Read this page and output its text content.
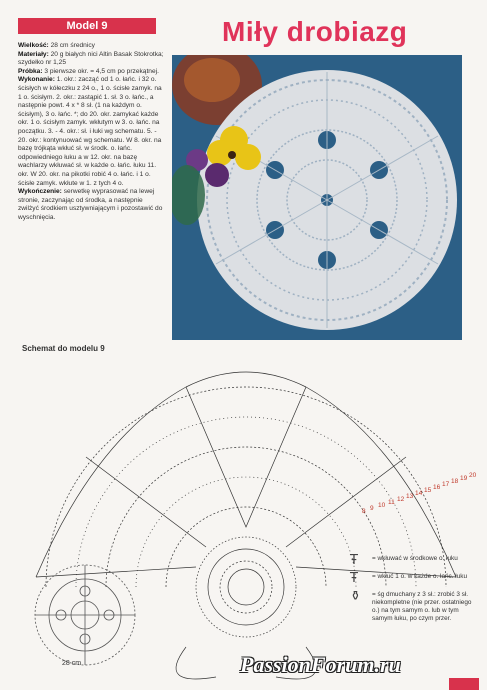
Model 9	Miły drobiazg

Wielkość: 28 cm średnicy

Materiały: 20 g białych nici Altin Basak Stokrotka; szydełko nr 1,25

Próbka: 3 pierwsze okr. = 4,5 cm po przekątnej.

Wykonanie: 1. okr.: zacząć od 1 o. łańc. i 32 o. ścisłych w kółeczku z 24 o., 1 o. ścisłe zamyk. na 1 o. ścisłym. 2. okr.: zastąpić 1. sł. 3 o. łańc., a następnie powt. 4 x * 8 sł. (1 na każdym o. ścisłym), 3 o. łańc. *; do 20. okr. zamykać każde okr. 1 o. ścisłym zamyk. wkłutym w 3. o. łańc. na początku. 3. - 4. okr.: sł. i łuki wg schematu. 5. - 20. okr.: kontynuować wg schematu. W 8. okr. na bazę trójkąta wkłuć sł. w środk. o. łańc. odpowiedniego łuku a w 12. okr. na bazę wachlarzy wkłuwać sł. w każde o. łańc. łuku 11. okr. W 20. okr. na pikotki robić 4 o. łańc. i 1 o. ścisłe zamyk. wkłute w 1. z tych 4 o.

Wykończenie: serwetkę wyprasować na lewej stronie, zaczynając od środka, a następnie zwilżyć środkiem usztywniającym i pozostawić do wyschnięcia.

Schemat do modelu 9
8 9 10 11 12 13 14 15 16 17 18 19 20
28 cm
Ŧ	= wkłuwać w środkowe o. łuku
Ŧ	= wkłuć 1 o. w każde o. łańc. łuku
⚱	= śg dmuchany z 3 sł.: zrobić 3 sł. niekompletne (nie przer. ostatniego o.) na tym samym o. lub w tym samym łuku, po czym przer.
PassionForum.ru
